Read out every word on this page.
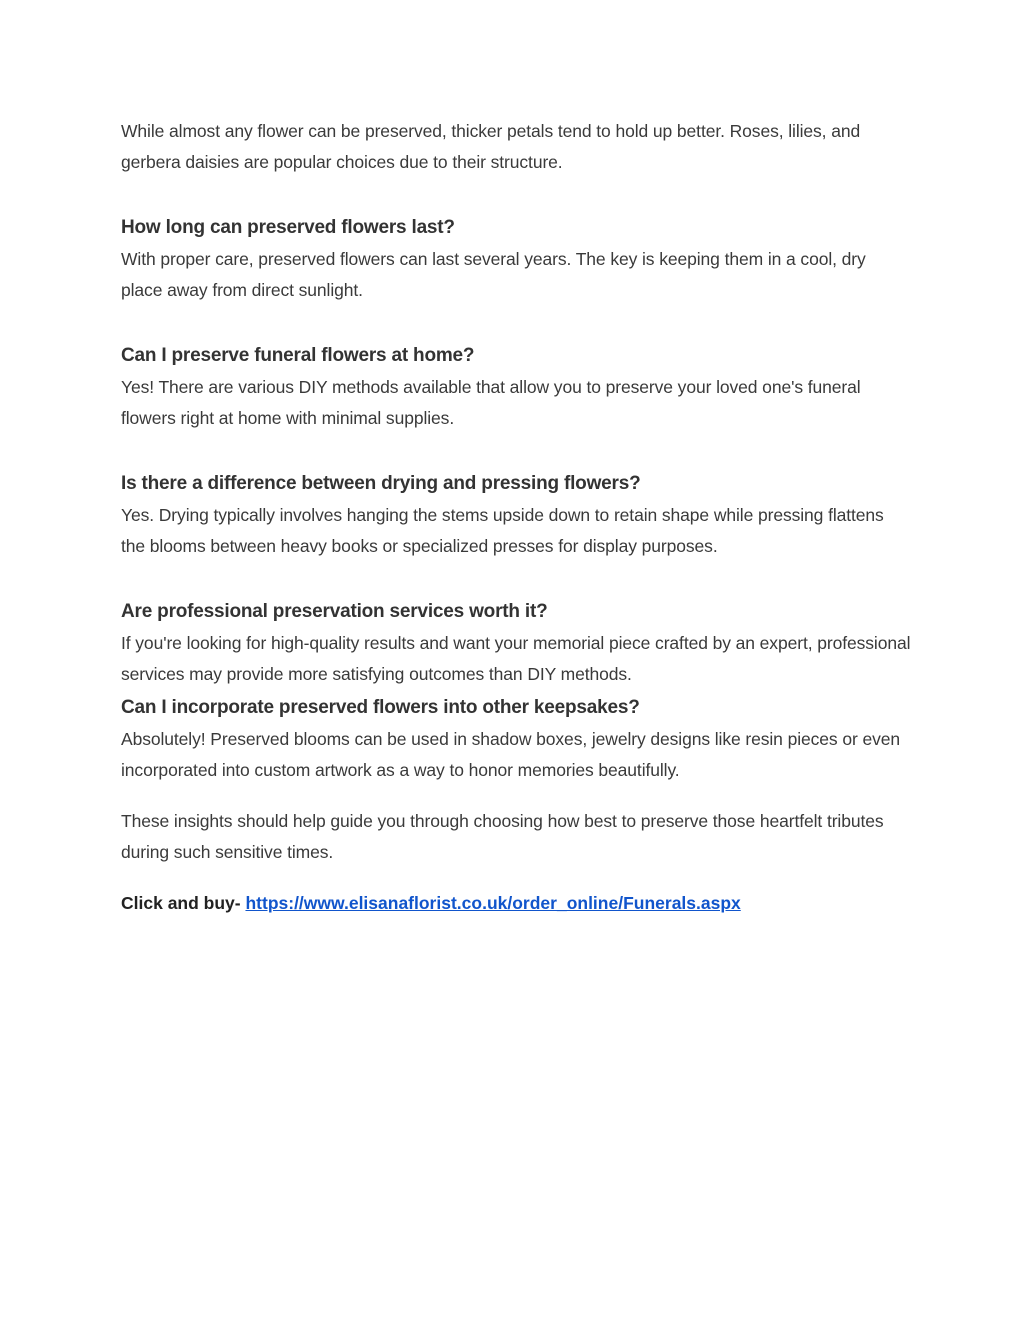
While almost any flower can be preserved, thicker petals tend to hold up better. Roses, lilies, and gerbera daisies are popular choices due to their structure.

How long can preserved flowers last?

With proper care, preserved flowers can last several years. The key is keeping them in a cool, dry place away from direct sunlight.

Can I preserve funeral flowers at home?

Yes! There are various DIY methods available that allow you to preserve your loved one's funeral flowers right at home with minimal supplies.

Is there a difference between drying and pressing flowers?

Yes. Drying typically involves hanging the stems upside down to retain shape while pressing flattens the blooms between heavy books or specialized presses for display purposes.

Are professional preservation services worth it?

If you're looking for high-quality results and want your memorial piece crafted by an expert, professional services may provide more satisfying outcomes than DIY methods.

Can I incorporate preserved flowers into other keepsakes?

Absolutely! Preserved blooms can be used in shadow boxes, jewelry designs like resin pieces or even incorporated into custom artwork as a way to honor memories beautifully.

These insights should help guide you through choosing how best to preserve those heartfelt tributes during such sensitive times.

Click and buy- https://www.elisanaflorist.co.uk/order_online/Funerals.aspx
